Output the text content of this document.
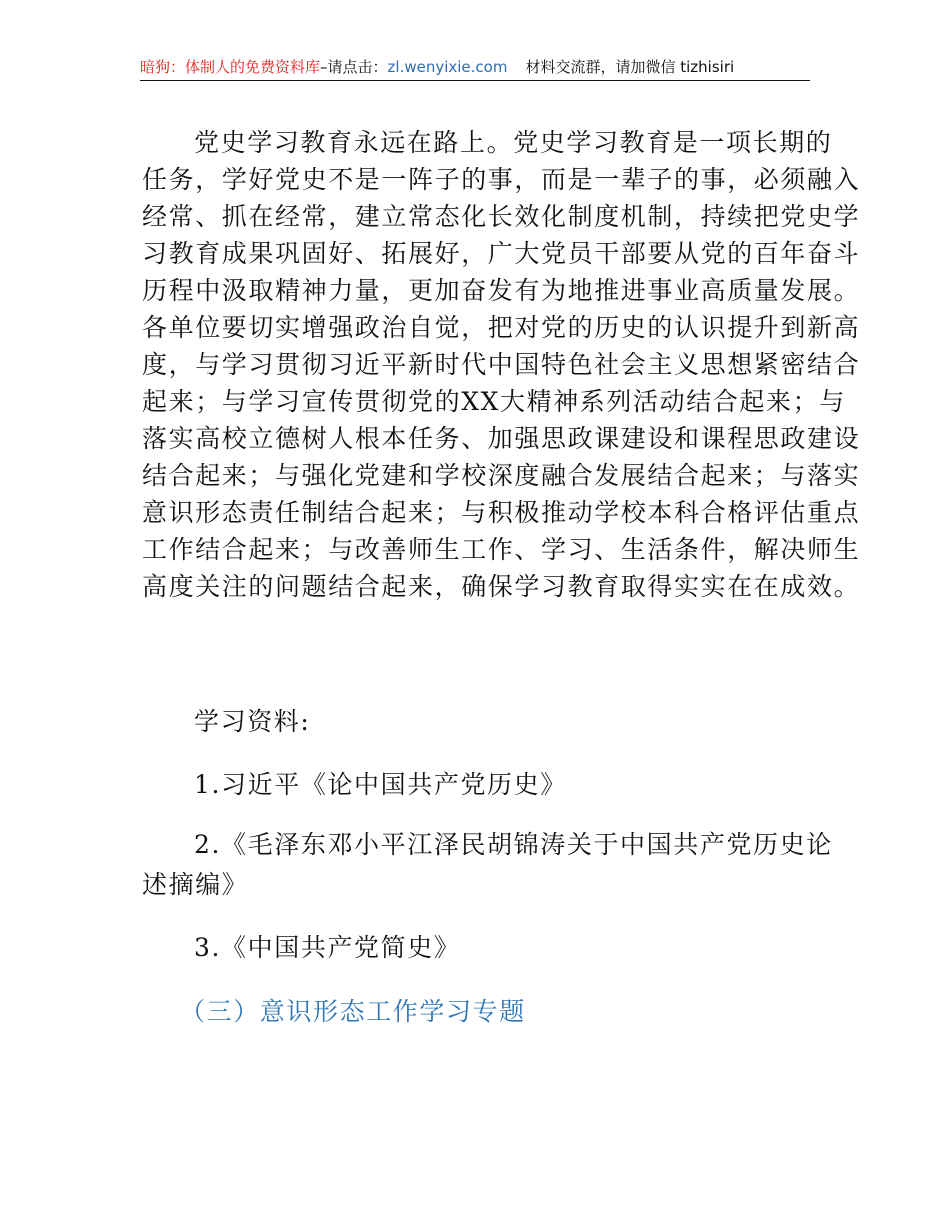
暗狗：体制人的免费资料库–请点击：zl.wenyixie.com 材料交流群，请加微信 tizhisiri
党史学习教育永远在路上。党史学习教育是一项长期的
任务，学好党史不是一阵子的事，而是一辈子的事，必须融入
经常、抓在经常，建立常态化长效化制度机制，持续把党史学
习教育成果巩固好、拓展好，广大党员干部要从党的百年奋斗
历程中汲取精神力量，更加奋发有为地推进事业高质量发展。
各单位要切实增强政治自觉，把对党的历史的认识提升到新高
度，与学习贯彻习近平新时代中国特色社会主义思想紧密结合
起来；与学习宣传贯彻党的XX大精神系列活动结合起来；与
落实高校立德树人根本任务、加强思政课建设和课程思政建设
结合起来；与强化党建和学校深度融合发展结合起来；与落实
意识形态责任制结合起来；与积极推动学校本科合格评估重点
工作结合起来；与改善师生工作、学习、生活条件，解决师生
高度关注的问题结合起来，确保学习教育取得实实在在成效。
学习资料:
1.习近平《论中国共产党历史》
2.《毛泽东邓小平江泽民胡锦涛关于中国共产党历史论
述摘编》
3.《中国共产党简史》
（三）意识形态工作学习专题
